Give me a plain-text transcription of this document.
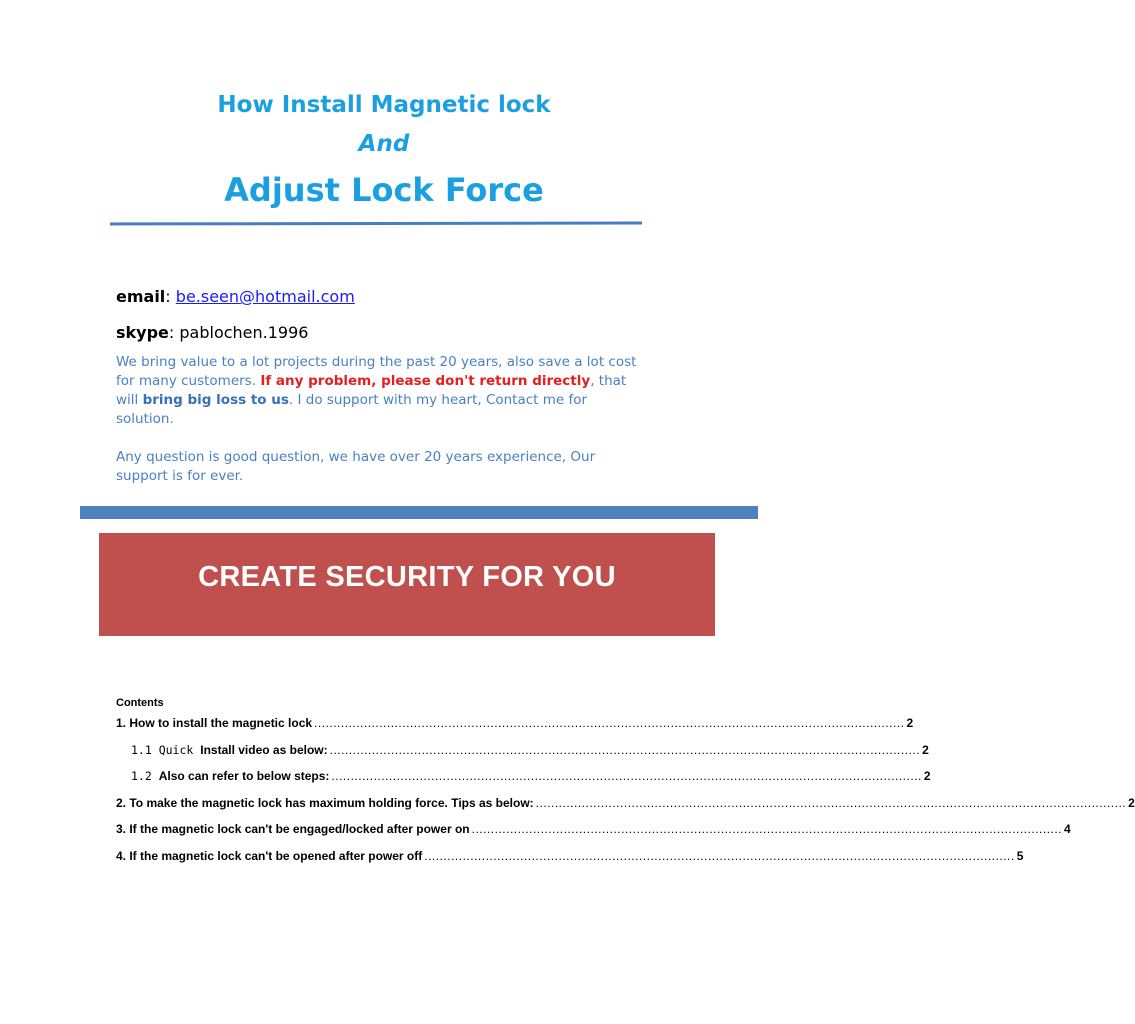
How Install Magnetic lock
And
Adjust Lock Force
email: be.seen@hotmail.com
skype: pablochen.1996

We bring value to a lot projects during the past 20 years, also save a lot cost for many customers. If any problem, please don't return directly, that will bring big loss to us. I do support with my heart, Contact me for solution.

Any question is good question, we have over 20 years experience, Our support is for ever.

CREATE SECURITY FOR YOU
Contents
1. How to install the magnetic lock .......................................................................................................................................................... 2
1.1 Quick Install video as below: .......................................................................................................................................................... 2
1.2 Also can refer to below steps: .......................................................................................................................................................... 2
2. To make the magnetic lock has maximum holding force. Tips as below: .......................................................................................................................................................... 2
3. If the magnetic lock can't be engaged/locked after power on .......................................................................................................................................................... 4
4. If the magnetic lock can't be opened after power off .......................................................................................................................................................... 5
